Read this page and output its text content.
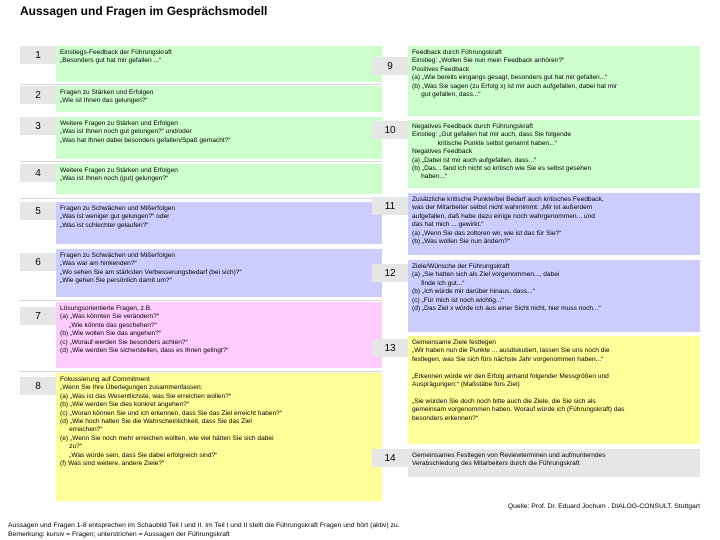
Aussagen und Fragen im Gesprächsmodell
1
2
3
4
5
6
7
8
Einstiegs-Feedback der Führungskraft
„Besonders gut hat mir gefallen ...“
Fragen zu Stärken und Erfolgen
„Wie ist Ihnen das gelungen?“
Weitere Fragen zu Stärken und Erfolgen
„Was ist Ihnen noch gut gelungen?“ und/oder
„Was hat Ihnen dabei besonders gefallen/Spaß gemacht?“
Weitere Fragen zu Stärken und Erfolgen
„Was ist Ihnen noch (gut) gelungen?“
Fragen zu Schwächen und Mißerfolgen
„Was ist weniger gut gelungen?“ oder
„Was ist schlechter gelaufen?“
Fragen zu Schwächen und Mißerfolgen
„Was war am hinkenden?“
„Wo sehen Sie am stärksten Verbesserungsbedarf (bei sich)?“
„Wie gehen Sie persönlich damit um?“
Lösungsorientierte Fragen, z.B.
(a) „Was könnten Sie verändern?“
„Wie könnte das geschehen?“
(b) „Wie wollen Sie das angehen?“
(c) „Worauf werden Sie besonders achten?“
(d) „Wie werden Sie sicherstellen, dass es Ihnen gelingt?“
Fokussierung auf Commitment
„Wenn Sie Ihre Überlegungen zusammenfassen:
(a) „Was ist das Wesentlichste, was Sie erreichen wollen?“
(b) „Wie werden Sie dies konkret angehen?“
(c) „Woran können Sie und ich erkennen, dass Sie das Ziel erreicht haben?“
(d) „Wie hoch halten Sie die Wahrscheinlichkeit, dass Sie das Ziel
erreichen?“
(e) „Wenn Sie noch mehr erreichen wollten, wie viel hätten Sie sich dabei
zu?“
„Was würde sein, dass Sie dabei erfolgreich sind?“
(f) Was sind weitere, andere Ziele?“
9
10
11
12
13
14
Feedback durch Führungskraft
Einstieg: „Wollen Sie nun mein Feedback anhören?“
Positives Feedback
(a) „Wie bereits eingangs gesagt, besonders gut hat mir gefallen...“
(b) „Was Sie sagen (zu Erfolg x) ist mir auch aufgefallen, dabei hat mir
gut gefallen, dass...“
Negatives Feedback durch Führungskraft
Einstieg: „Gut gefallen hat mir auch, dass Sie folgende
kritische Punkte selbst genannt haben...“
Negatives Feedback
(a) „Dabei ist mir auch aufgefallen, dass...“
(b) „Das... fand ich nicht so kritisch wie Sie es selbst gesehen
haben...“
Zusätzliche kritische Punkte/bei Bedarf auch kritisches Feedback,
was der Mitarbeiter selbst nicht wahrnimmt: „Mir ist außerdem
aufgefallen, daß habe dazu einige noch wahrgenommen... und
das hat mich ... gewirkt.“
(a) „Wenn Sie das zoltoren wir, wie ist das für Sie?“
(b) „Was wollen Sie nun ändern?“
Ziele/Wünsche der Führungskraft
(a) „Sie hatten sich als Ziel vorgenommen..., dabei
finde ich gut...“
(b) „Ich würde mir darüber hinaus, dass...“
(c) „Für mich ist noch wichtig...“
(d) „Das Ziel x würde ich aus einer Sicht nicht, hier muss noch...“
Gemeinsame Ziele festlegen
„Wir haben nun die Punkte ... ausdiskutiert, lassen Sie uns noch die
festlegen, was Sie sich fürs nächste Jahr vorgenommen haben...“

„Erkennen würde wir den Erfolg anhand folgender Messgrößen und
Ausprägungen:“ (Maßstäbe fürs Ziel)

„Sie würden Sie doch noch bitte auch die Ziele, die Sie sich als
gemeinsam vorgenommen haben. Worauf würde ich (Führungskraft) das
besonders erkennen?“
Gemeinsames Festlegen von Reviewterminen und aufmunterndes
Verabschiedung des Mitarbeiters durch die Führungskraft
Quelle: Prof. Dr. Eduard Jochum . DIALOG-CONSULT. Stuttgart
Aussagen und Fragen 1-8 entsprechen im Schaubild Teil I und II. Im Teil I und II stellt die Führungskraft Fragen und hört (aktiv) zu.
Bemerkung: kursiv = Fragen; unterstrichen = Aussagen der Führungskraft
